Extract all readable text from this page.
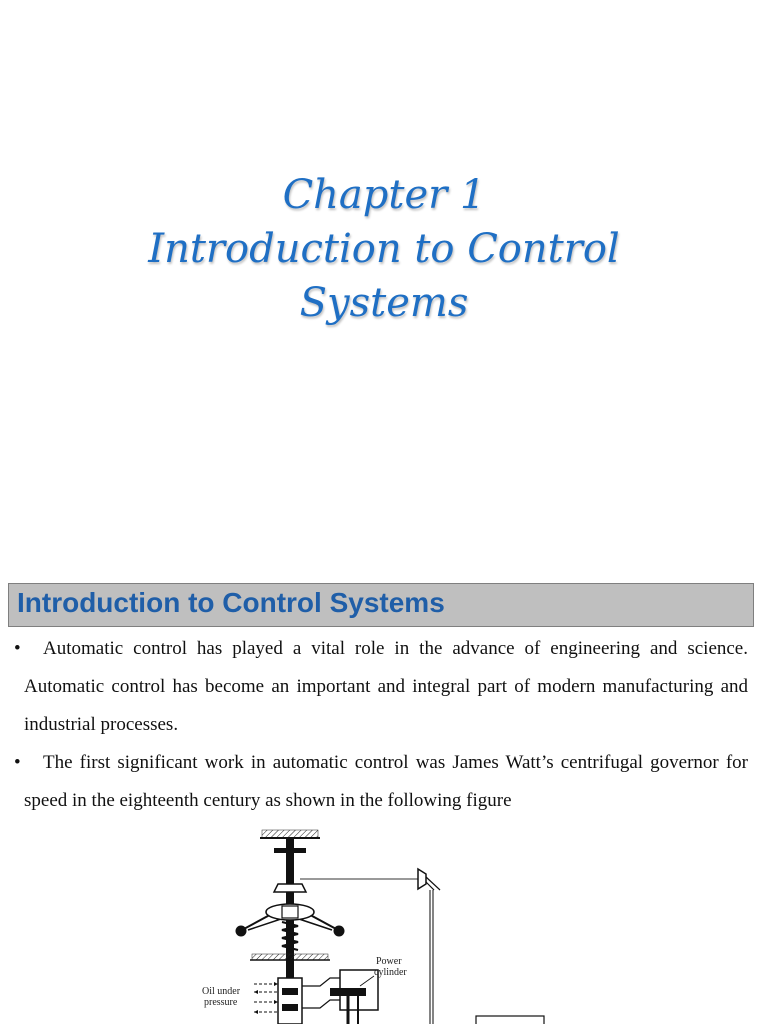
Chapter 1
Introduction to Control
Systems
Introduction to Control Systems
•	Automatic control has played a vital role in the advance of engineering and science. Automatic control has become an important and integral part of modern manufacturing and industrial processes.
•	The first significant work in automatic control was James Watt’s centrifugal governor for speed in the eighteenth century as shown in the following figure
Power
cylinder
Oil under
pressure
